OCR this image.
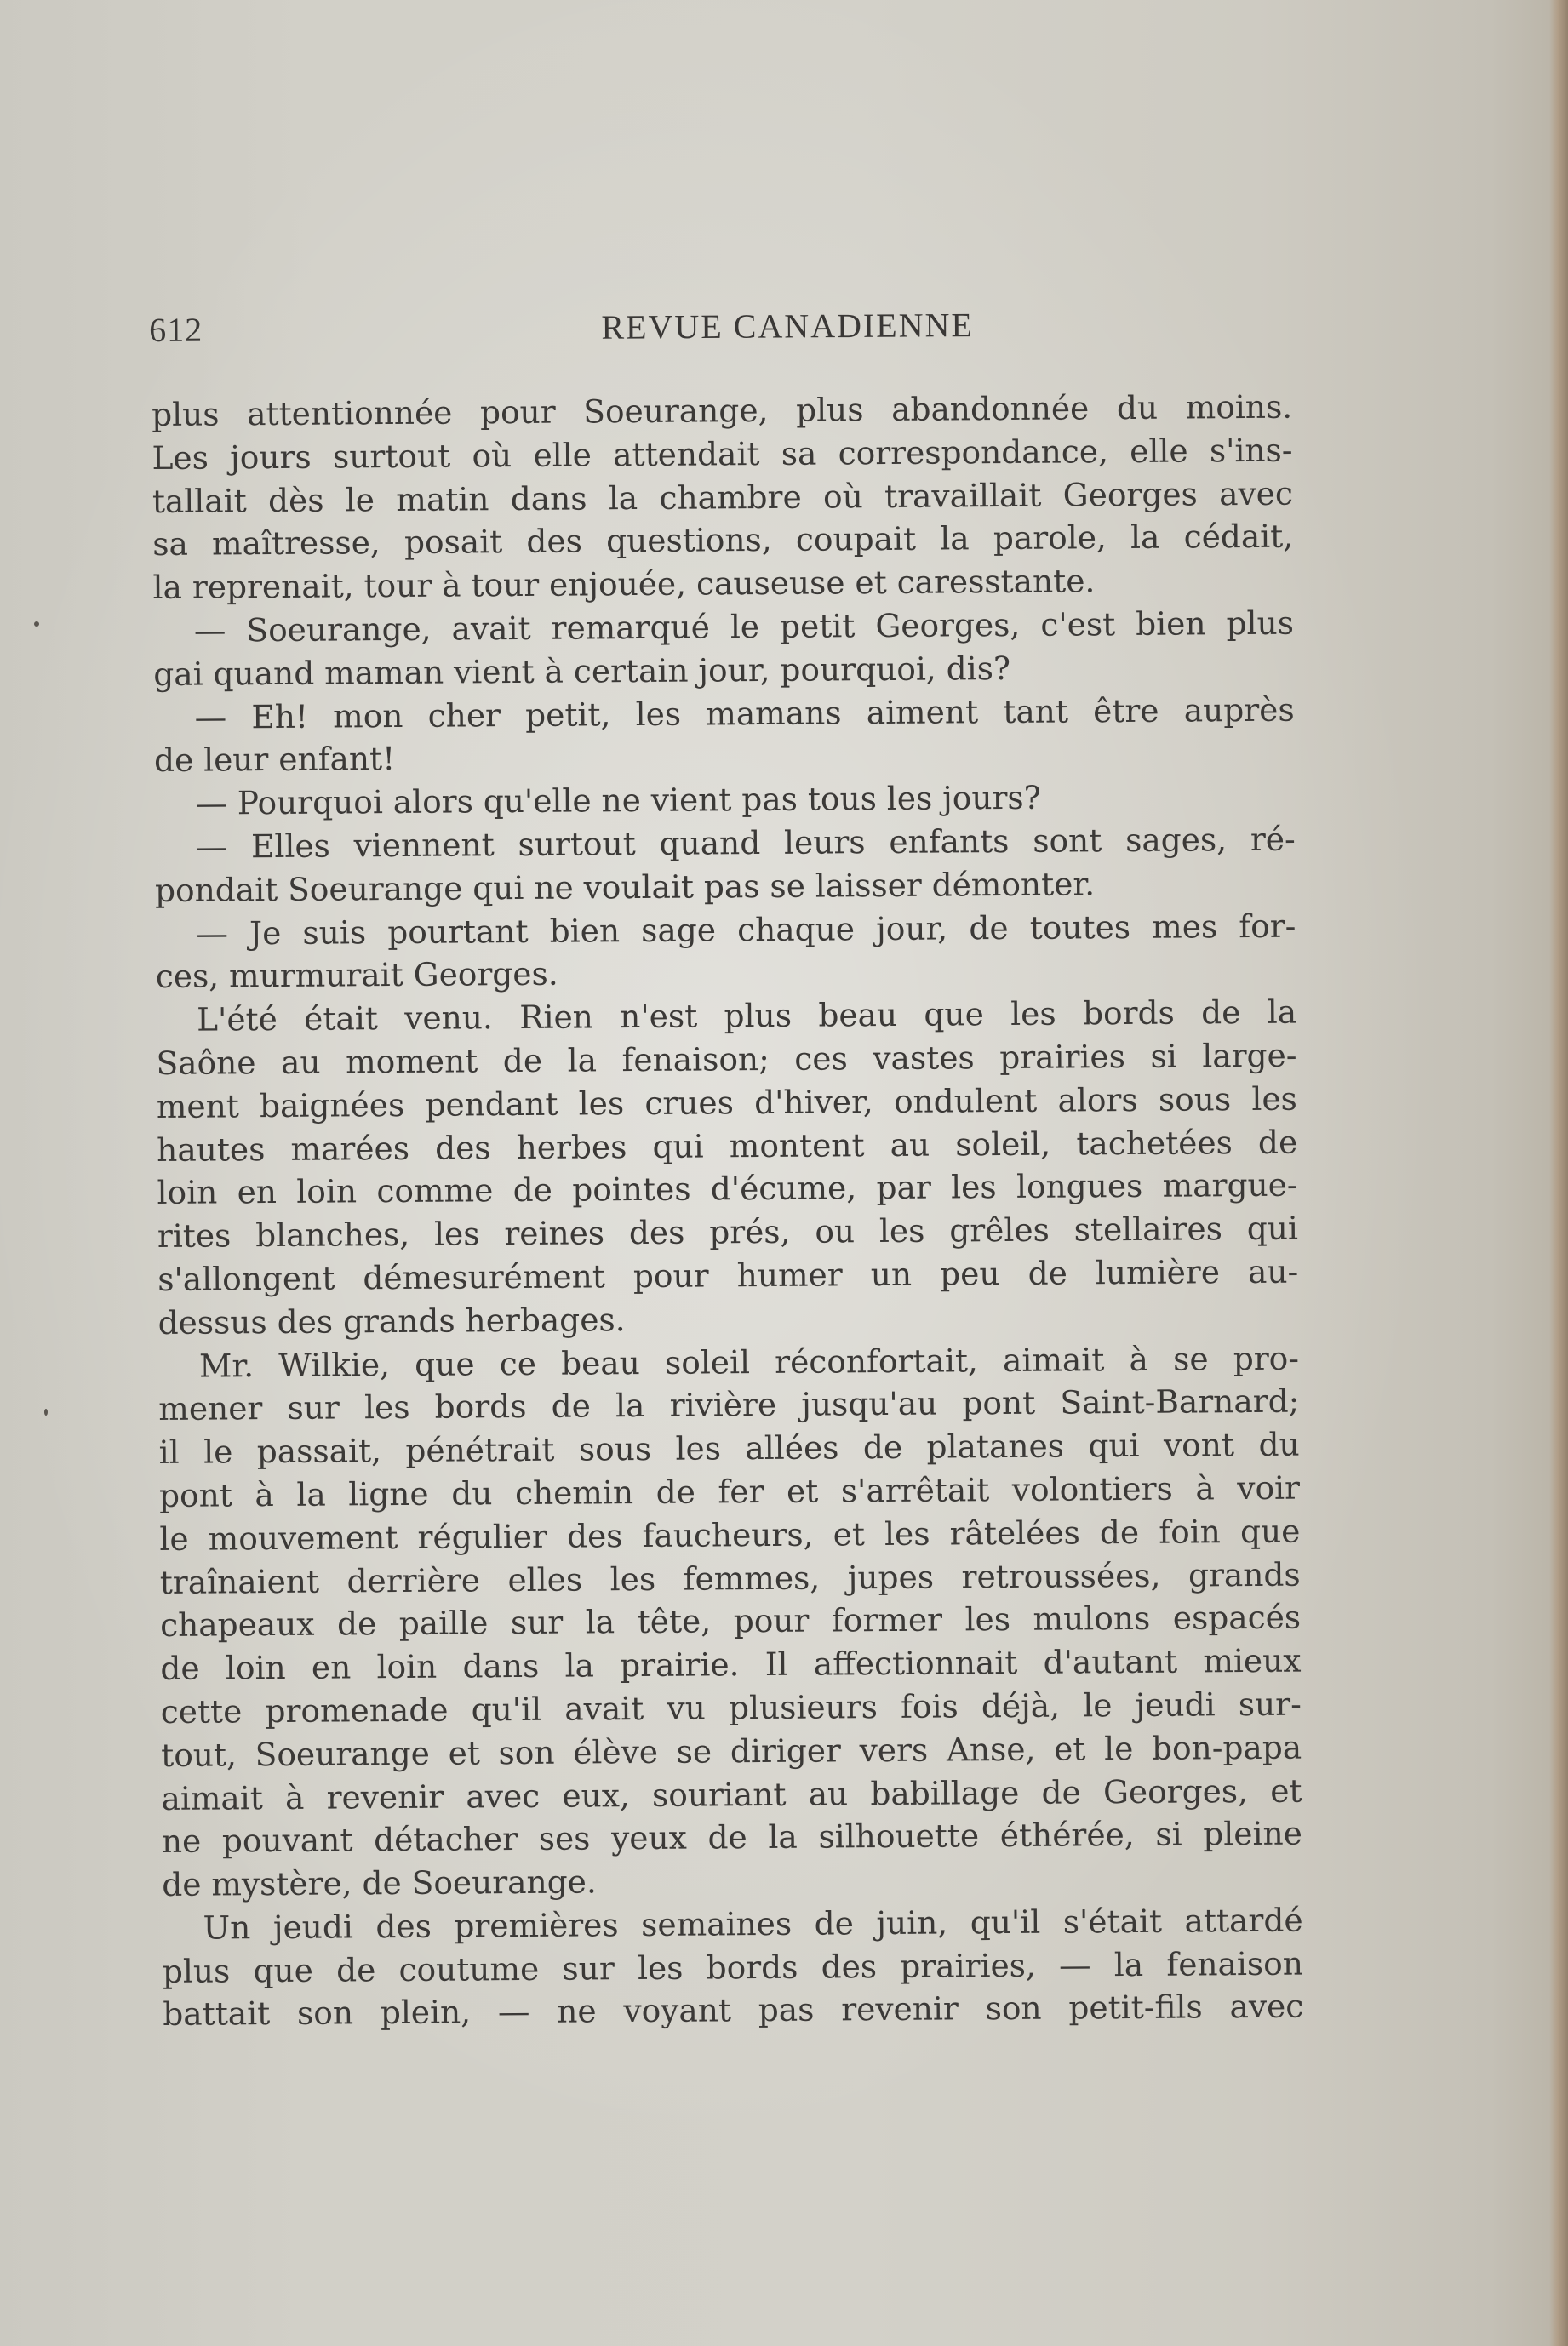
612	REVUE CANADIENNE
plus attentionnée pour Soeurange, plus abandonnée du moins.
Les jours surtout où elle attendait sa correspondance, elle s'ins-
tallait dès le matin dans la chambre où travaillait Georges avec
sa maîtresse, posait des questions, coupait la parole, la cédait,
la reprenait, tour à tour enjouée, causeuse et caresstante.
— Soeurange, avait remarqué le petit Georges, c'est bien plus
gai quand maman vient à certain jour, pourquoi, dis?
— Eh! mon cher petit, les mamans aiment tant être auprès
de leur enfant!
— Pourquoi alors qu'elle ne vient pas tous les jours?
— Elles viennent surtout quand leurs enfants sont sages, ré-
pondait Soeurange qui ne voulait pas se laisser démonter.
— Je suis pourtant bien sage chaque jour, de toutes mes for-
ces, murmurait Georges.
L'été était venu. Rien n'est plus beau que les bords de la
Saône au moment de la fenaison; ces vastes prairies si large-
ment baignées pendant les crues d'hiver, ondulent alors sous les
hautes marées des herbes qui montent au soleil, tachetées de
loin en loin comme de pointes d'écume, par les longues margue-
rites blanches, les reines des prés, ou les grêles stellaires qui
s'allongent démesurément pour humer un peu de lumière au-
dessus des grands herbages.
Mr. Wilkie, que ce beau soleil réconfortait, aimait à se pro-
mener sur les bords de la rivière jusqu'au pont Saint-Barnard;
il le passait, pénétrait sous les allées de platanes qui vont du
pont à la ligne du chemin de fer et s'arrêtait volontiers à voir
le mouvement régulier des faucheurs, et les râtelées de foin que
traînaient derrière elles les femmes, jupes retroussées, grands
chapeaux de paille sur la tête, pour former les mulons espacés
de loin en loin dans la prairie. Il affectionnait d'autant mieux
cette promenade qu'il avait vu plusieurs fois déjà, le jeudi sur-
tout, Soeurange et son élève se diriger vers Anse, et le bon-papa
aimait à revenir avec eux, souriant au babillage de Georges, et
ne pouvant détacher ses yeux de la silhouette éthérée, si pleine
de mystère, de Soeurange.
Un jeudi des premières semaines de juin, qu'il s'était attardé
plus que de coutume sur les bords des prairies, — la fenaison
battait son plein, — ne voyant pas revenir son petit-fils avec
